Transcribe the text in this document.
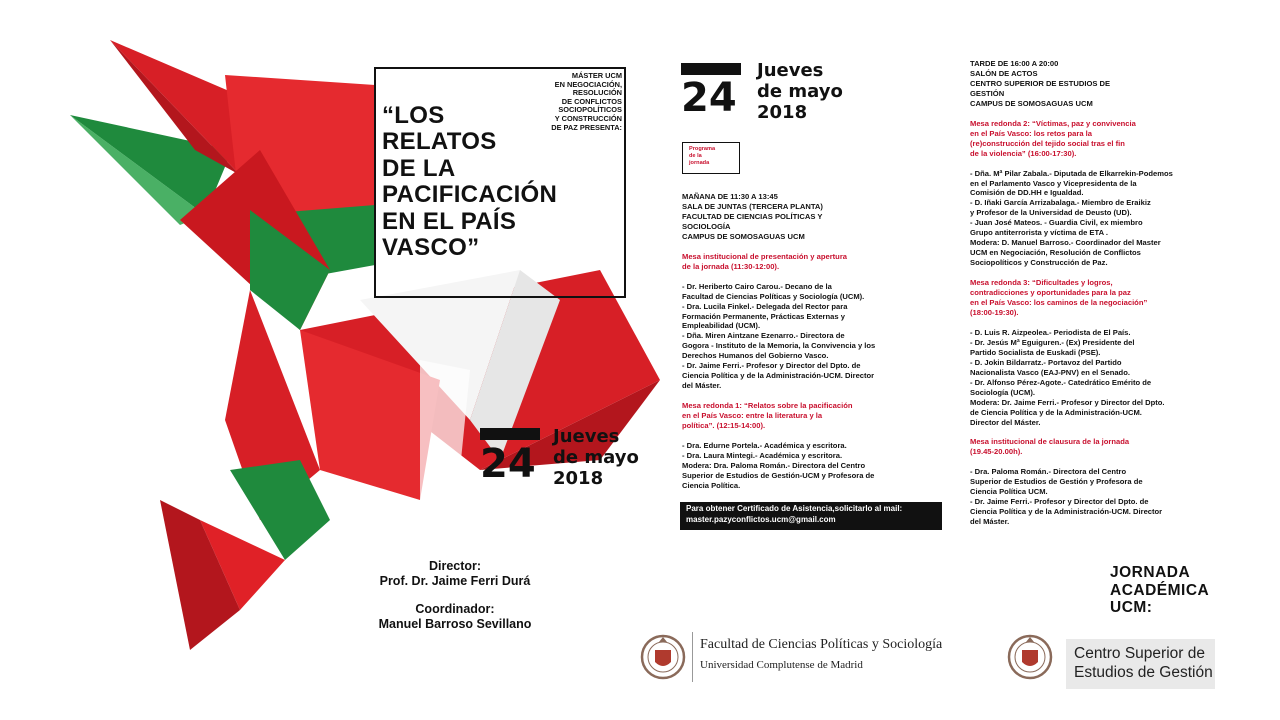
MÁSTER UCM
EN NEGOCIACIÓN,
RESOLUCIÓN
DE CONFLICTOS
SOCIOPOLÍTICOS
Y CONSTRUCCIÓN
DE PAZ PRESENTA:
“LOS
RELATOS
DE LA
PACIFICACIÓN
EN EL PAÍS
VASCO”
24
Jueves
de mayo
2018
Programa
de la
jornada
24
Jueves
de mayo
2018
MAÑANA DE 11:30 A 13:45
SALA DE JUNTAS (TERCERA PLANTA)
FACULTAD DE CIENCIAS POLÍTICAS Y
SOCIOLOGÍA
CAMPUS DE SOMOSAGUAS UCM
Mesa institucional de presentación y apertura
de la jornada (11:30-12:00).
- Dr. Heriberto Cairo Carou.- Decano de la
Facultad de Ciencias Políticas y Sociología (UCM).
- Dra. Lucila Finkel.- Delegada del Rector para
Formación Permanente, Prácticas Externas y
Empleabilidad (UCM).
- Dña. Miren Aintzane Ezenarro.- Directora de
Gogora - Instituto de la Memoria, la Convivencia y los
Derechos Humanos del Gobierno Vasco.
- Dr. Jaime Ferri.- Profesor y Director del Dpto. de
Ciencia Política y de la Administración-UCM. Director
del Máster.
Mesa redonda 1: “Relatos sobre la pacificación
en el País Vasco: entre la literatura y la
política”. (12:15-14:00).
- Dra. Edurne Portela.- Académica y escritora.
- Dra. Laura Mintegi.- Académica y escritora.
Modera: Dra. Paloma Román.- Directora del Centro
Superior de Estudios de Gestión-UCM y Profesora de
Ciencia Política.
Para obtener Certificado de Asistencia,solicitarlo al mail:
master.pazyconflictos.ucm@gmail.com
TARDE DE 16:00 A 20:00
SALÓN DE ACTOS
CENTRO SUPERIOR DE ESTUDIOS DE
GESTIÓN
CAMPUS DE SOMOSAGUAS UCM
Mesa redonda 2: “Víctimas, paz y convivencia
en el País Vasco: los retos para la
(re)construcción del tejido social tras el fin
de la violencia” (16:00-17:30).
- Dña. Mª Pilar Zabala.- Diputada de Elkarrekin-Podemos
en el Parlamento Vasco y Vicepresidenta de la
Comisión de DD.HH e Igualdad.
- D. Iñaki García Arrizabalaga.- Miembro de Eraikiz
y Profesor de la Universidad de Deusto (UD).
- Juan José Mateos. - Guardia Civil, ex miembro
Grupo antiterrorista y víctima de ETA .
Modera: D. Manuel Barroso.- Coordinador del Master
UCM en Negociación, Resolución de Conflictos
Sociopolíticos y Construcción de Paz.
Mesa redonda 3: “Dificultades y logros,
contradicciones y oportunidades para la paz
en el País Vasco: los caminos de la negociación”
(18:00-19:30).
- D. Luis R. Aizpeolea.- Periodista de El País.
- Dr. Jesús Mª Eguiguren.- (Ex) Presidente del
Partido Socialista de Euskadi (PSE).
- D. Jokin Bildarratz.- Portavoz del Partido
Nacionalista Vasco (EAJ-PNV) en el Senado.
- Dr. Alfonso Pérez-Agote.- Catedrático Emérito de
Sociología (UCM).
Modera: Dr. Jaime Ferri.- Profesor y Director del Dpto.
de Ciencia Política y de la Administración-UCM.
Director del Máster.
Mesa institucional de clausura de la jornada
(19.45-20.00h).
- Dra. Paloma Román.- Directora del Centro
Superior de Estudios de Gestión y Profesora de
Ciencia Política UCM.
- Dr. Jaime Ferri.- Profesor y Director del Dpto. de
Ciencia Política y de la Administración-UCM. Director
del Máster.
Director:
Prof. Dr. Jaime Ferri Durá
Coordinador:
Manuel Barroso Sevillano
JORNADA
ACADÉMICA
UCM:
Facultad de Ciencias Políticas y Sociología
Universidad Complutense de Madrid
Centro Superior de
Estudios de Gestión
